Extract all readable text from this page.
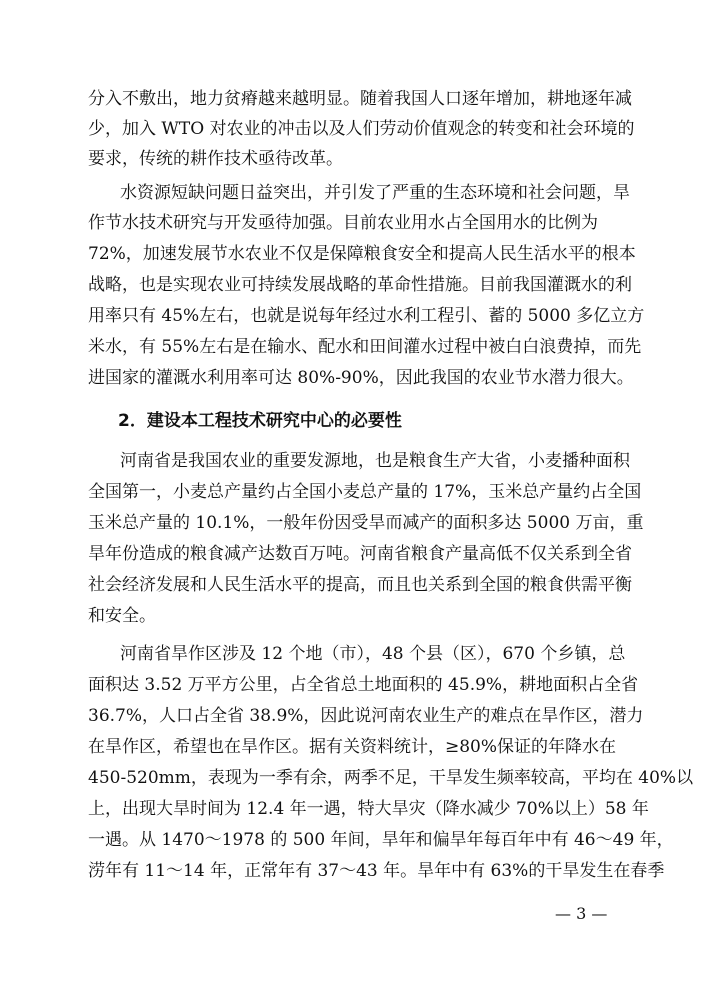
分入不敷出，地力贫瘠越来越明显。随着我国人口逐年增加，耕地逐年减
少，加入 WTO 对农业的冲击以及人们劳动价值观念的转变和社会环境的
要求，传统的耕作技术亟待改革。
水资源短缺问题日益突出，并引发了严重的生态环境和社会问题，旱
作节水技术研究与开发亟待加强。目前农业用水占全国用水的比例为
72%，加速发展节水农业不仅是保障粮食安全和提高人民生活水平的根本
战略，也是实现农业可持续发展战略的革命性措施。目前我国灌溉水的利
用率只有 45%左右，也就是说每年经过水利工程引、蓄的 5000 多亿立方
米水，有 55%左右是在输水、配水和田间灌水过程中被白白浪费掉，而先
进国家的灌溉水利用率可达 80%-90%，因此我国的农业节水潜力很大。
2．建设本工程技术研究中心的必要性
河南省是我国农业的重要发源地，也是粮食生产大省，小麦播种面积
全国第一，小麦总产量约占全国小麦总产量的 17%，玉米总产量约占全国
玉米总产量的 10.1%，一般年份因受旱而减产的面积多达 5000 万亩，重
旱年份造成的粮食减产达数百万吨。河南省粮食产量高低不仅关系到全省
社会经济发展和人民生活水平的提高，而且也关系到全国的粮食供需平衡
和安全。
河南省旱作区涉及 12 个地（市），48 个县（区），670 个乡镇，总
面积达 3.52 万平方公里，占全省总土地面积的 45.9%，耕地面积占全省
36.7%，人口占全省 38.9%，因此说河南农业生产的难点在旱作区，潜力
在旱作区，希望也在旱作区。据有关资料统计，≥80%保证的年降水在
450-520mm，表现为一季有余，两季不足，干旱发生频率较高，平均在 40%以
上，出现大旱时间为 12.4 年一遇，特大旱灾（降水减少 70%以上）58 年
一遇。从 1470～1978 的 500 年间，旱年和偏旱年每百年中有 46～49 年，
涝年有 11～14 年，正常年有 37～43 年。旱年中有 63%的干旱发生在春季
— 3 —
